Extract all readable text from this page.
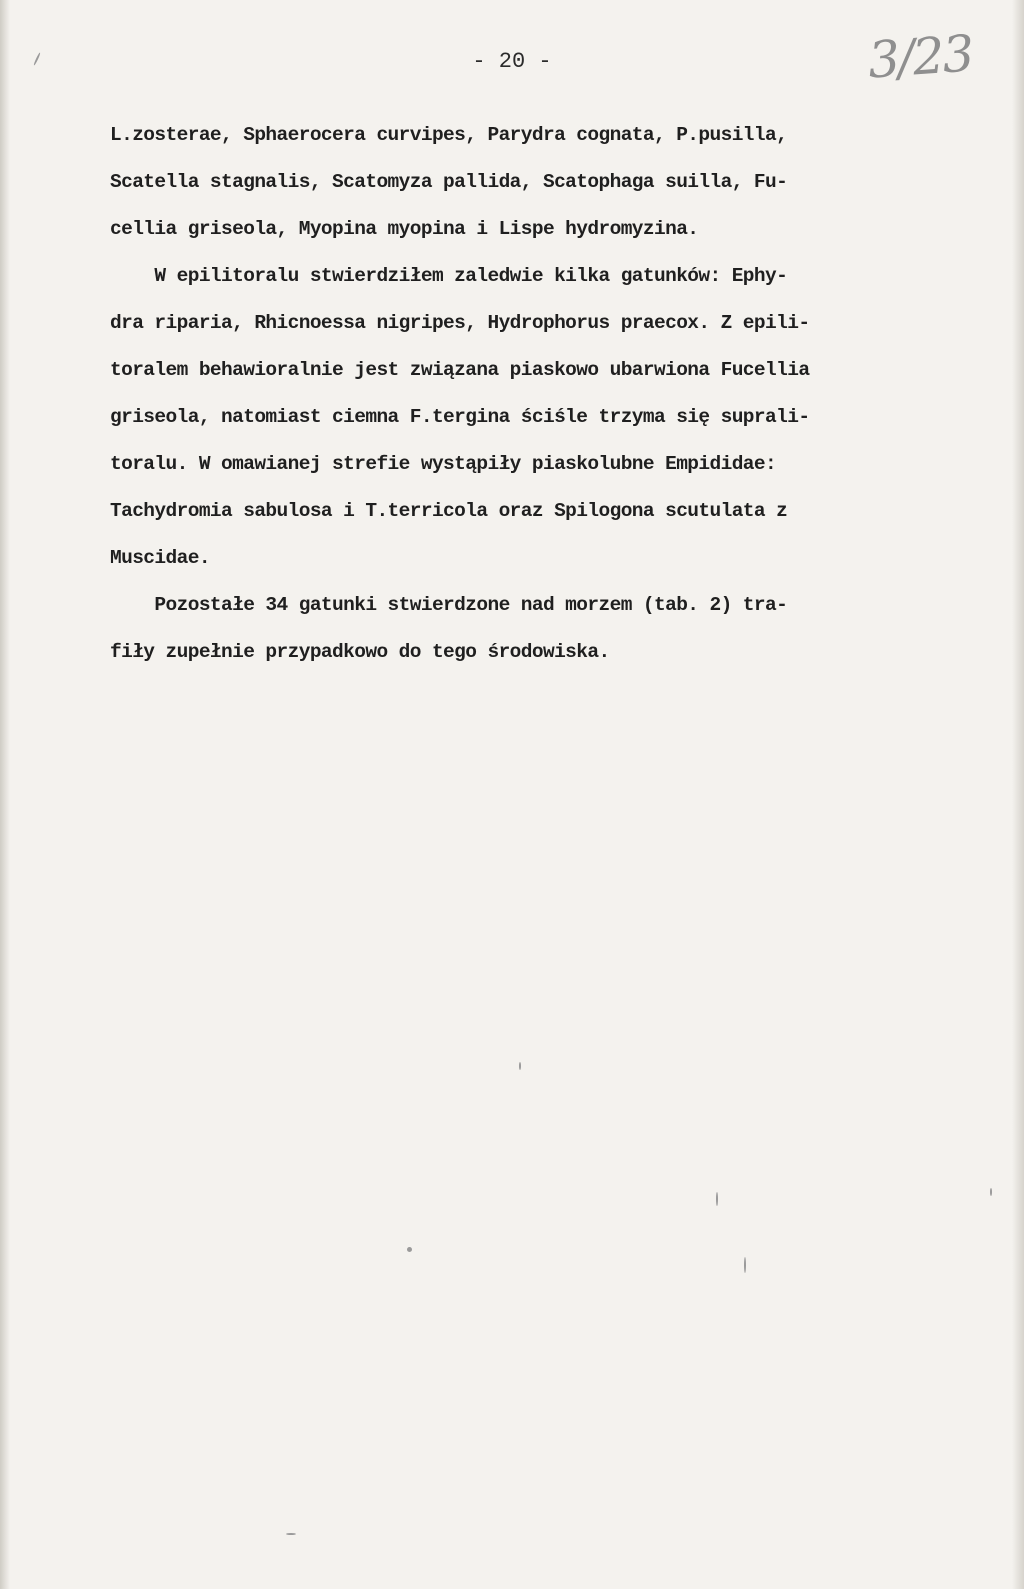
- 20 -	3/23
L.zosterae, Sphaerocera curvipes, Parydra cognata, P.pusilla,
Scatella stagnalis, Scatomyza pallida, Scatophaga suilla, Fu-
cellia griseola, Myopina myopina i Lispe hydromyzina.
W epilitoralu stwierdziłem zaledwie kilka gatunków: Ephy-
dra riparia, Rhicnoessa nigripes, Hydrophorus praecox. Z epili-
toralem behawioralnie jest związana piaskowo ubarwiona Fucellia
griseola, natomiast ciemna F.tergina ściśle trzyma się suprali-
toralu. W omawianej strefie wystąpiły piaskolubne Empididae:
Tachydromia sabulosa i T.terricola oraz Spilogona scutulata z
Muscidae.
Pozostałe 34 gatunki stwierdzone nad morzem (tab. 2) tra-
fiły zupełnie przypadkowo do tego środowiska.
